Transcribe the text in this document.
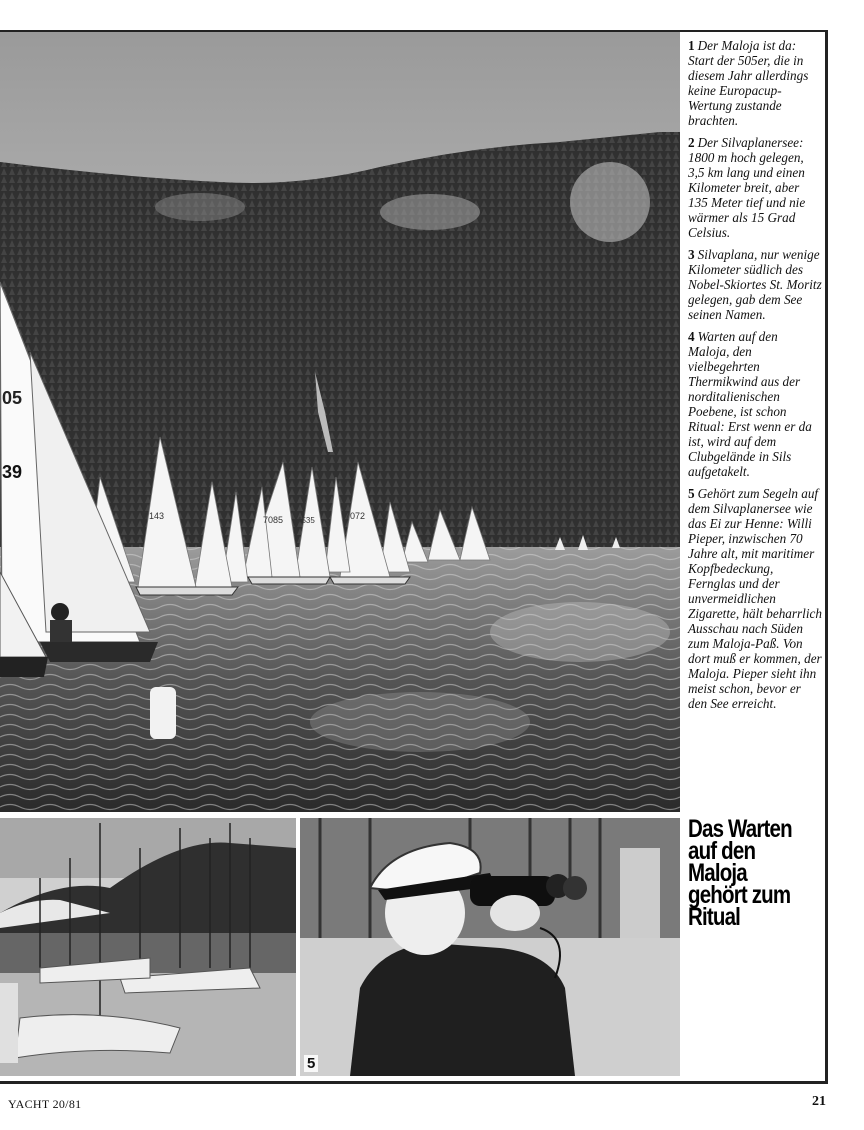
05
39
7143	7085 4535	7072
5

1 Der Maloja ist da: Start der 505er, die in diesem Jahr allerdings keine Europacup-Wertung zustande brachten.

2 Der Silvaplanersee: 1800 m hoch gelegen, 3,5 km lang und einen Kilometer breit, aber 135 Meter tief und nie wärmer als 15 Grad Celsius.

3 Silvaplana, nur wenige Kilometer südlich des Nobel-Skiortes St. Moritz gelegen, gab dem See seinen Namen.

4 Warten auf den Maloja, den vielbegehrten Thermikwind aus der norditalienischen Poebene, ist schon Ritual: Erst wenn er da ist, wird auf dem Clubgelände in Sils aufgetakelt.

5 Gehört zum Segeln auf dem Silvaplanersee wie das Ei zur Henne: Willi Pieper, inzwischen 70 Jahre alt, mit maritimer Kopfbedeckung, Fernglas und der unvermeidlichen Zigarette, hält beharrlich Ausschau nach Süden zum Maloja-Paß. Von dort muß er kommen, der Maloja. Pieper sieht ihn meist schon, bevor er den See erreicht.

Das Warten auf den Maloja gehört zum Ritual
YACHT 20/81	21
